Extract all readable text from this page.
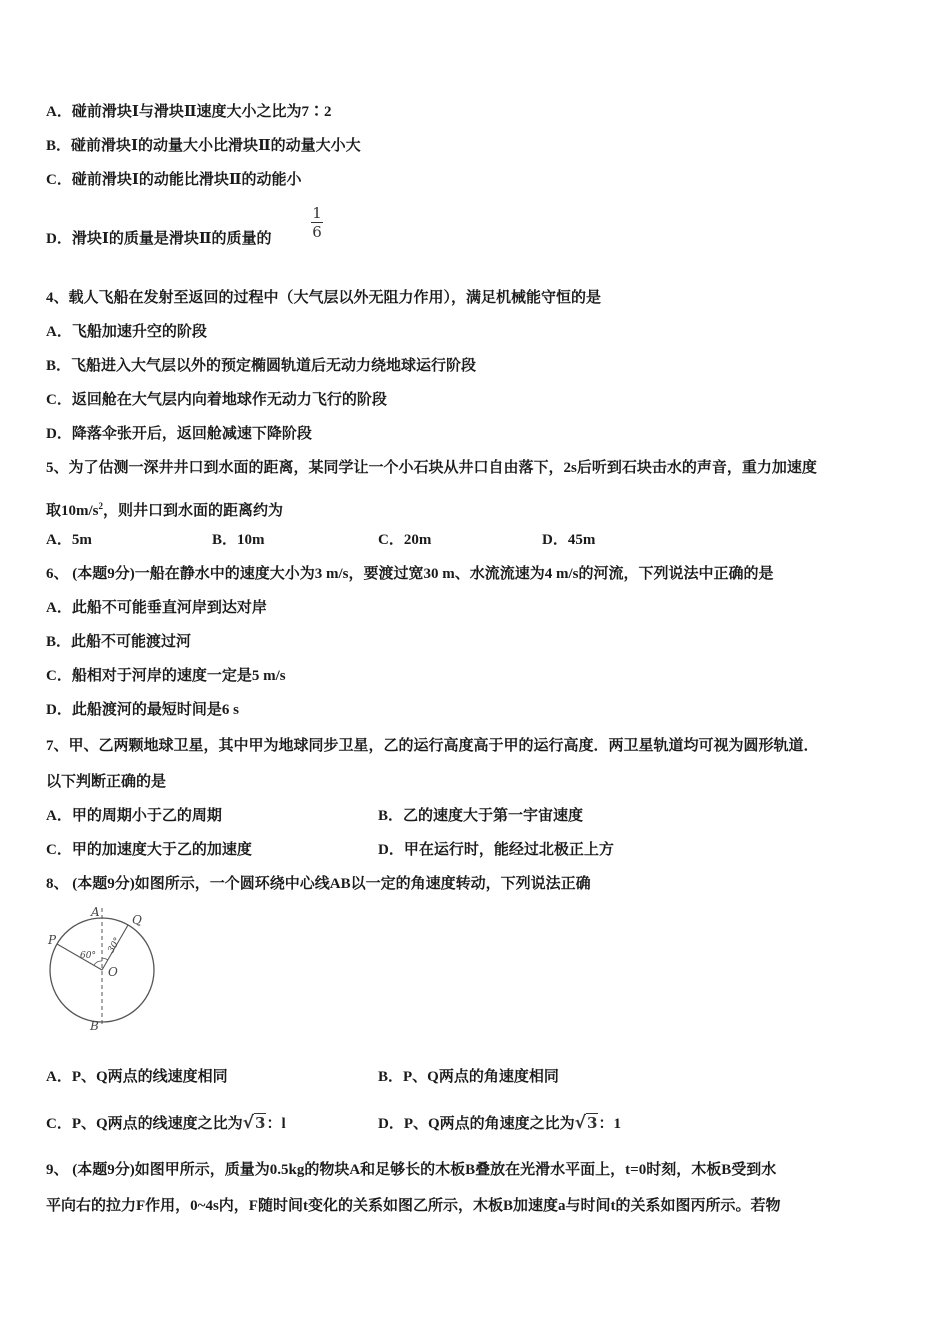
A．碰前滑块Ⅰ与滑块Ⅱ速度大小之比为7∶2
B．碰前滑块Ⅰ的动量大小比滑块Ⅱ的动量大小大
C．碰前滑块Ⅰ的动能比滑块Ⅱ的动能小
D．滑块Ⅰ的质量是滑块Ⅱ的质量的
1
6
4、载人飞船在发射至返回的过程中（大气层以外无阻力作用），满足机械能守恒的是
A．飞船加速升空的阶段
B．飞船进入大气层以外的预定椭圆轨道后无动力绕地球运行阶段
C．返回舱在大气层内向着地球作无动力飞行的阶段
D．降落伞张开后，返回舱减速下降阶段
5、为了估测一深井井口到水面的距离，某同学让一个小石块从井口自由落下，2s后听到石块击水的声音，重力加速度
取$10m/s^2$，则井口到水面的距离约为
A．5m	B．10m	C．20m	D．45m
6、 (本题9分)一船在静水中的速度大小为3 m/s，要渡过宽30 m、水流流速为4 m/s的河流，下列说法中正确的是
A．此船不可能垂直河岸到达对岸
B．此船不可能渡过河
C．船相对于河岸的速度一定是5 m/s
D．此船渡河的最短时间是6 s
7、甲、乙两颗地球卫星，其中甲为地球同步卫星，乙的运行高度高于甲的运行高度．两卫星轨道均可视为圆形轨道．
以下判断正确的是
A．甲的周期小于乙的周期	B．乙的速度大于第一宇宙速度
C．甲的加速度大于乙的加速度	D．甲在运行时，能经过北极正上方
8、 (本题9分)如图所示，一个圆环绕中心线AB以一定的角速度转动，下列说法正确
A
Q
P
60°
30°
O
B
A．P、Q两点的线速度相同	B．P、Q两点的角速度相同
C．P、Q两点的线速度之比为√3：l	D．P、Q两点的角速度之比为√3：1
9、 (本题9分)如图甲所示，质量为0.5kg的物块A和足够长的木板B叠放在光滑水平面上，t=0时刻，木板B受到水
平向右的拉力F作用，0~4s内，F随时间t变化的关系如图乙所示，木板B加速度a与时间t的关系如图丙所示。若物
